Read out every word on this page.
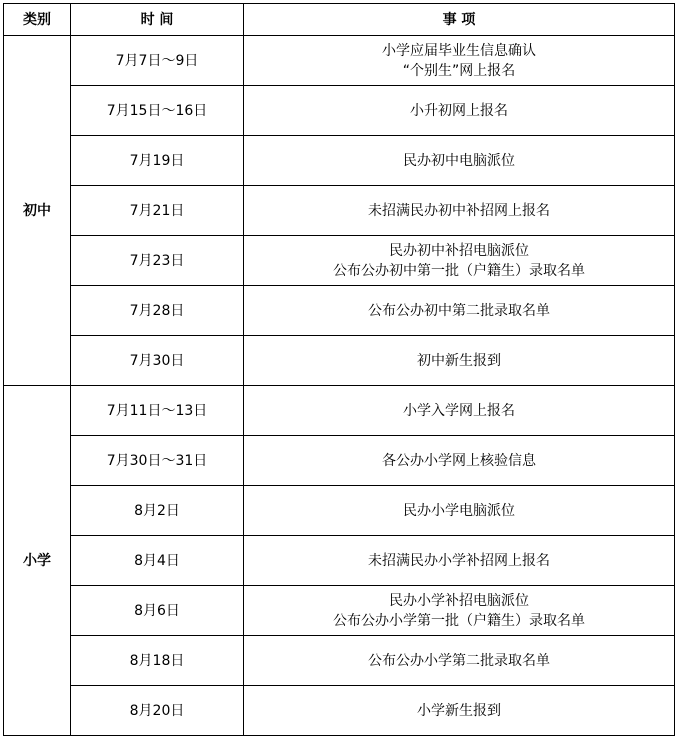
类别	时 间	事 项
初中	7月7日～9日	小学应届毕业生信息确认
“个别生”网上报名

	7月15日～16日	小升初网上报名

	7月19日	民办初中电脑派位

	7月21日	未招满民办初中补招网上报名

	7月23日	民办初中补招电脑派位
公布公办初中第一批（户籍生）录取名单

	7月28日	公布公办初中第二批录取名单

	7月30日	初中新生报到

小学	7月11日～13日	小学入学网上报名

	7月30日～31日	各公办小学网上核验信息

	8月2日	民办小学电脑派位

	8月4日	未招满民办小学补招网上报名

	8月6日	民办小学补招电脑派位
公布公办小学第一批（户籍生）录取名单

	8月18日	公布公办小学第二批录取名单

	8月20日	小学新生报到
